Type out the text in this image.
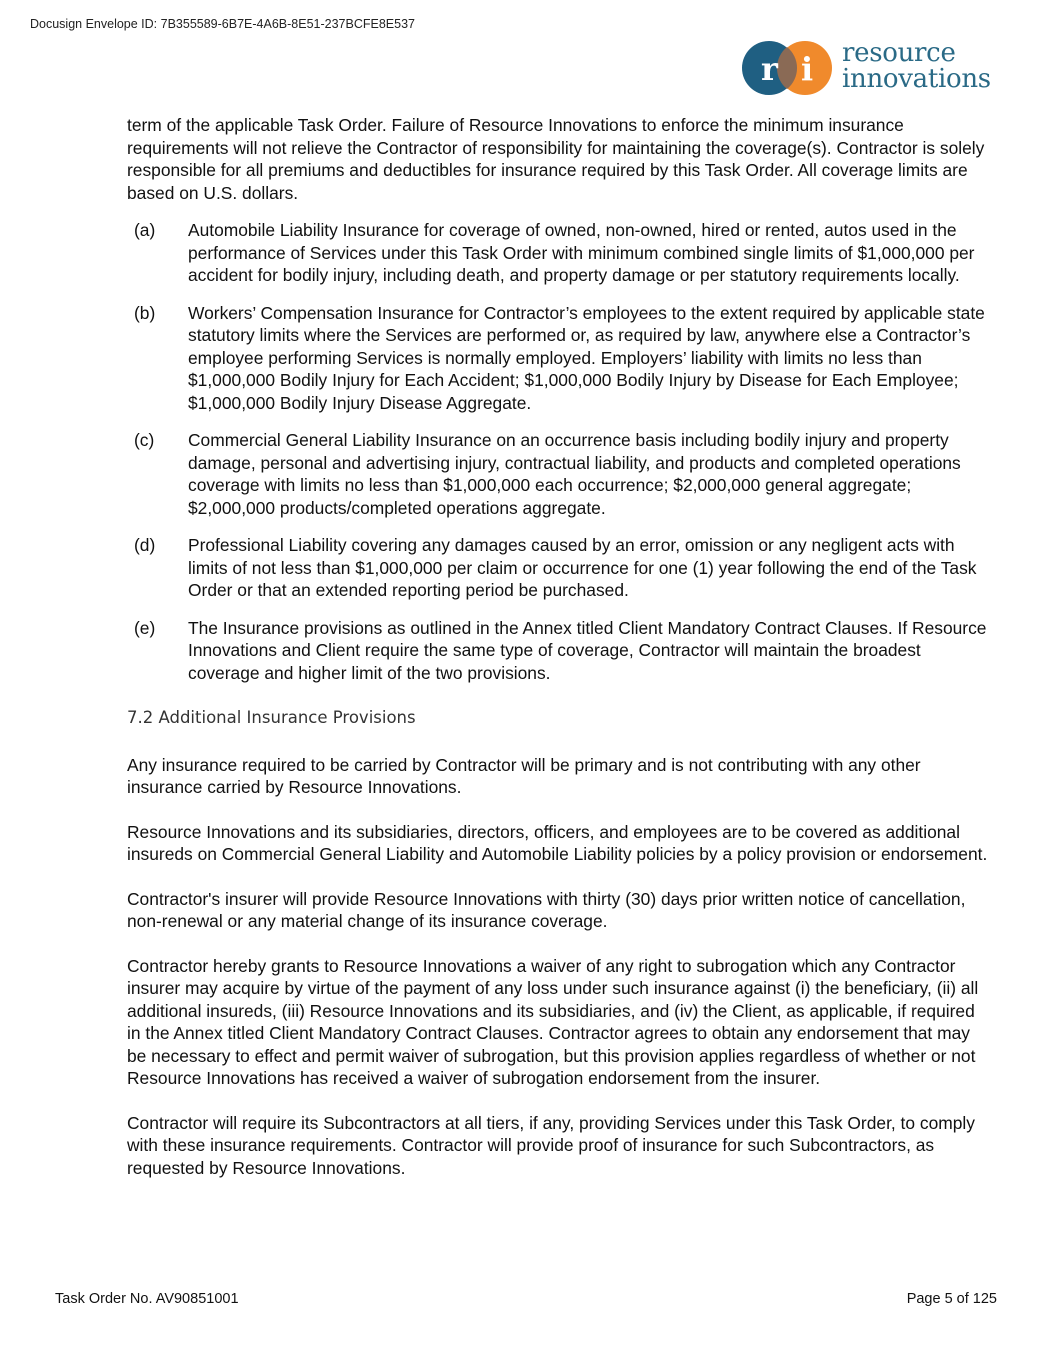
Docusign Envelope ID: 7B355589-6B7E-4A6B-8E51-237BCFE8E537
r i resource
innovations

term of the applicable Task Order. Failure of Resource Innovations to enforce the minimum insurance requirements will not relieve the Contractor of responsibility for maintaining the coverage(s). Contractor is solely responsible for all premiums and deductibles for insurance required by this Task Order. All coverage limits are based on U.S. dollars.

(a) Automobile Liability Insurance for coverage of owned, non-owned, hired or rented, autos used in the performance of Services under this Task Order with minimum combined single limits of $1,000,000 per accident for bodily injury, including death, and property damage or per statutory requirements locally.
(b) Workers’ Compensation Insurance for Contractor’s employees to the extent required by applicable state statutory limits where the Services are performed or, as required by law, anywhere else a Contractor’s employee performing Services is normally employed. Employers’ liability with limits no less than $1,000,000 Bodily Injury for Each Accident; $1,000,000 Bodily Injury by Disease for Each Employee; $1,000,000 Bodily Injury Disease Aggregate.
(c) Commercial General Liability Insurance on an occurrence basis including bodily injury and property damage, personal and advertising injury, contractual liability, and products and completed operations coverage with limits no less than $1,000,000 each occurrence; $2,000,000 general aggregate; $2,000,000 products/completed operations aggregate.
(d) Professional Liability covering any damages caused by an error, omission or any negligent acts with limits of not less than $1,000,000 per claim or occurrence for one (1) year following the end of the Task Order or that an extended reporting period be purchased.
(e) The Insurance provisions as outlined in the Annex titled Client Mandatory Contract Clauses. If Resource Innovations and Client require the same type of coverage, Contractor will maintain the broadest coverage and higher limit of the two provisions.
7.2 Additional Insurance Provisions

Any insurance required to be carried by Contractor will be primary and is not contributing with any other insurance carried by Resource Innovations.

Resource Innovations and its subsidiaries, directors, officers, and employees are to be covered as additional insureds on Commercial General Liability and Automobile Liability policies by a policy provision or endorsement.

Contractor's insurer will provide Resource Innovations with thirty (30) days prior written notice of cancellation, non-renewal or any material change of its insurance coverage.

Contractor hereby grants to Resource Innovations a waiver of any right to subrogation which any Contractor insurer may acquire by virtue of the payment of any loss under such insurance against (i) the beneficiary, (ii) all additional insureds, (iii) Resource Innovations and its subsidiaries, and (iv) the Client, as applicable, if required in the Annex titled Client Mandatory Contract Clauses. Contractor agrees to obtain any endorsement that may be necessary to effect and permit waiver of subrogation, but this provision applies regardless of whether or not Resource Innovations has received a waiver of subrogation endorsement from the insurer.

Contractor will require its Subcontractors at all tiers, if any, providing Services under this Task Order, to comply with these insurance requirements. Contractor will provide proof of insurance for such Subcontractors, as requested by Resource Innovations.

Task Order No. AV90851001	Page 5 of 125
